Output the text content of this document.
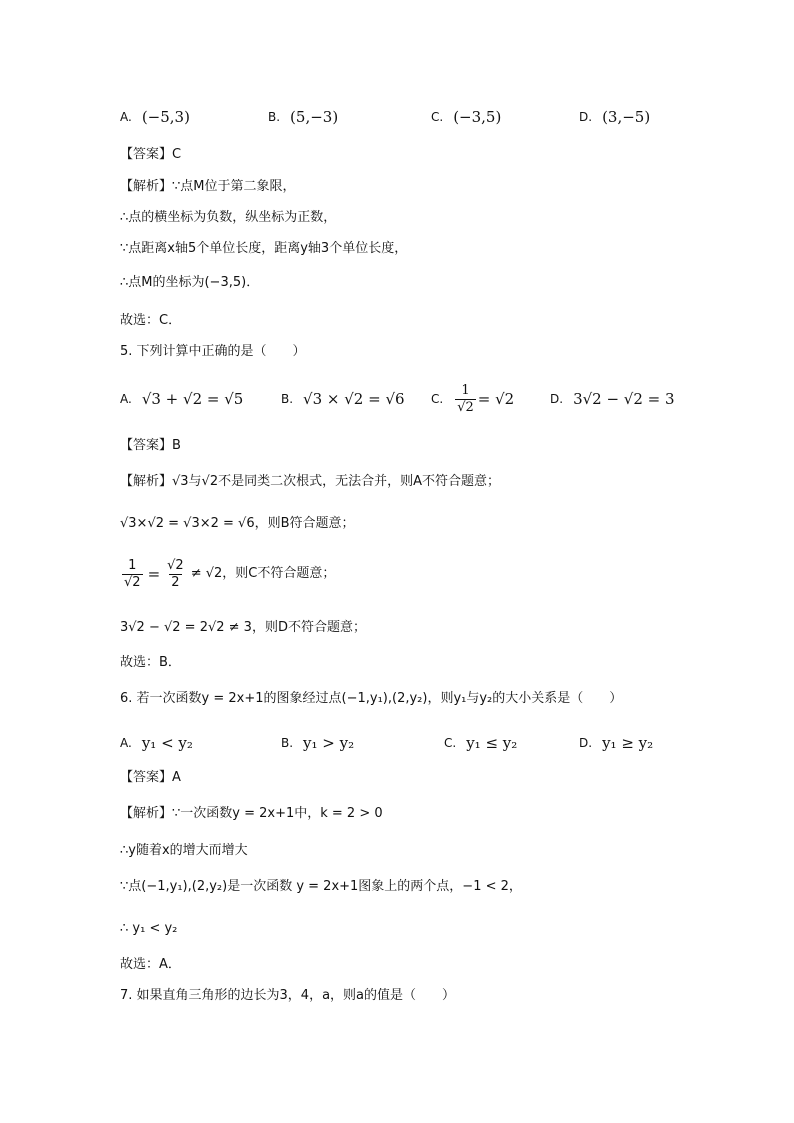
A. (−5,3)	B. (5,−3)	C. (−3,5)	D. (3,−5)
【答案】C
【解析】∵点M位于第二象限，
∴点的横坐标为负数，纵坐标为正数，
∵点距离x轴5个单位长度，距离y轴3个单位长度，
∴点M的坐标为(−3,5)．
故选：C．
5. 下列计算中正确的是（　　）
A. √3 + √2 = √5	B. √3 × √2 = √6 C. $\frac{1}{√2} = √2$	D. 3√2 − √2 = 3
【答案】B
【解析】√3与√2不是同类二次根式，无法合并，则A不符合题意；
√3×√2 = √3×2 = √6，则B符合题意；
$\frac{1}{√2} = \frac{√2}{2} \ne √2$，则C不符合题意；
3√2 − √2 = 2√2 ≠ 3，则D不符合题意；
故选：B．
6. 若一次函数y = 2x+1的图象经过点(−1,y₁),(2,y₂)，则y₁与y₂的大小关系是（　　）
A. y₁ < y₂	B. y₁ > y₂	C. y₁ ≤ y₂	D. y₁ ≥ y₂
【答案】A
【解析】∵一次函数y = 2x+1中，k = 2 > 0
∴y随着x的增大而增大
∵点(−1,y₁),(2,y₂)是一次函数 y = 2x+1图象上的两个点，−1 < 2，
∴ y₁ < y₂
故选：A．
7. 如果直角三角形的边长为3，4，a，则a的值是（　　）
